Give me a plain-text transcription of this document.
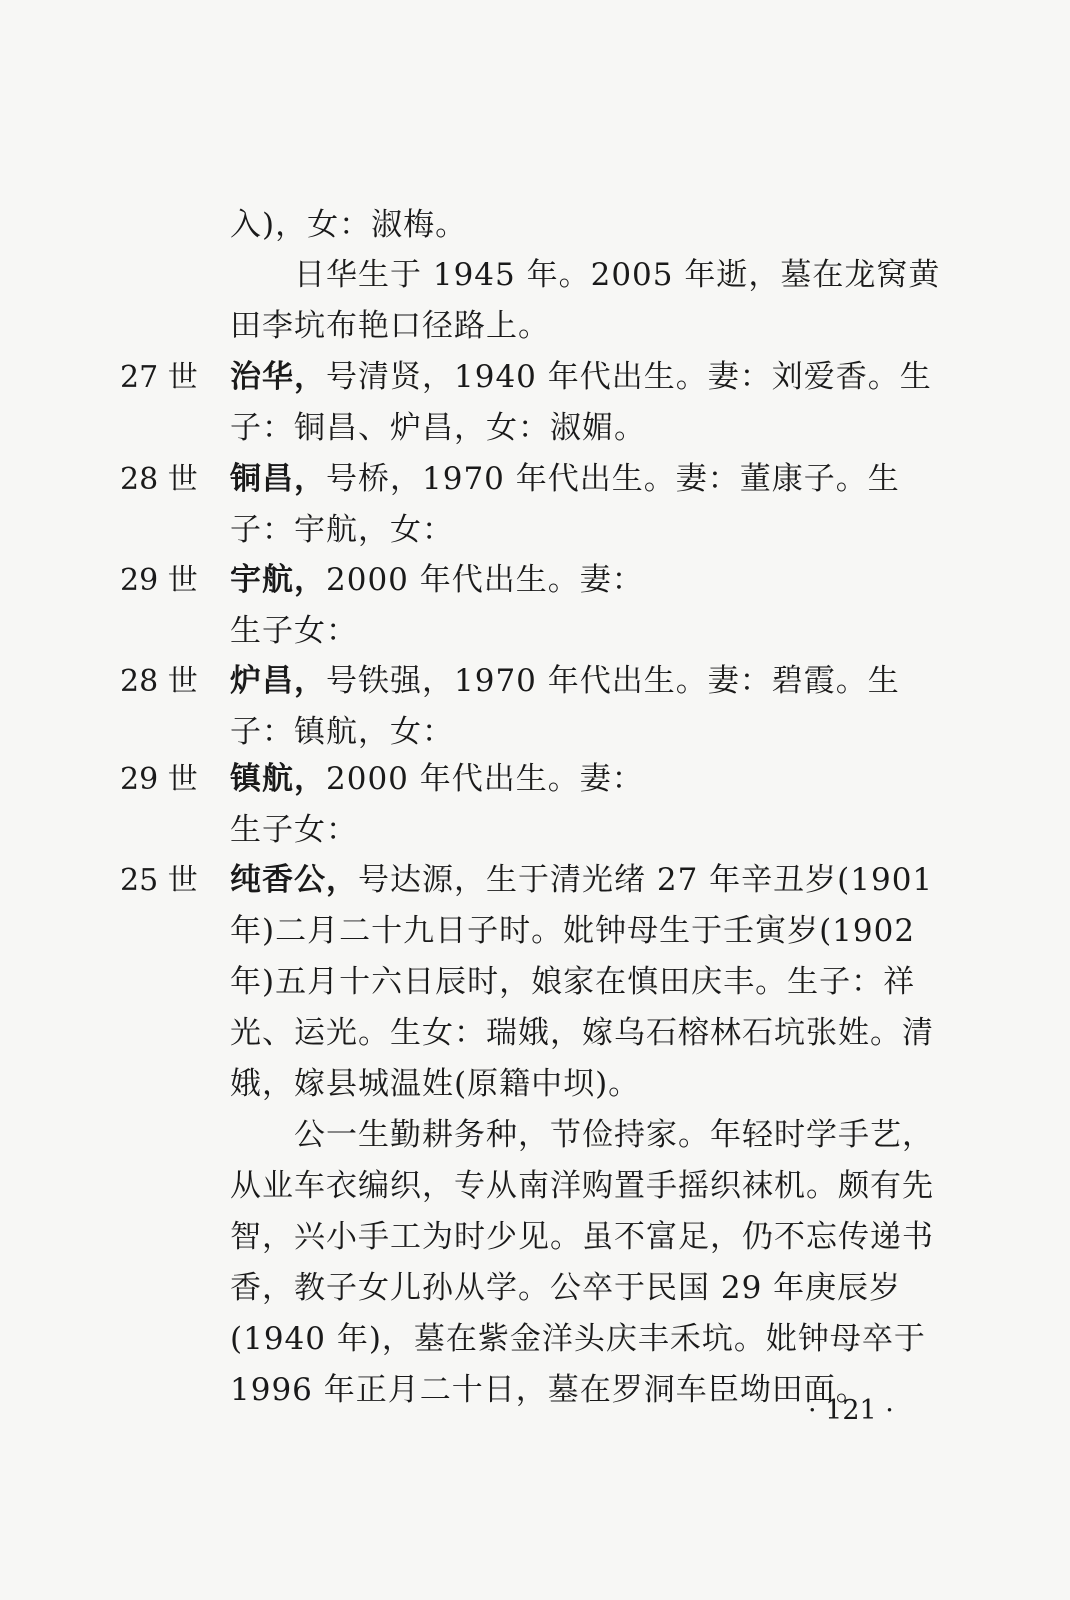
入)，女：淑梅。
日华生于 1945 年。2005 年逝，墓在龙窝黄田李坑布艳口径路上。
27 世	治华，号清贤，1940 年代出生。妻：刘爱香。生子：铜昌、炉昌，女：淑媚。
28 世	铜昌，号桥，1970 年代出生。妻：董康子。生子：宇航，女：
29 世	宇航，2000 年代出生。妻：
生子女：
28 世	炉昌，号铁强，1970 年代出生。妻：碧霞。生子：镇航，女：
29 世	镇航，2000 年代出生。妻：
生子女：
25 世	纯香公，号达源，生于清光绪 27 年辛丑岁(1901年)二月二十九日子时。妣钟母生于壬寅岁(1902年)五月十六日辰时，娘家在慎田庆丰。生子：祥光、运光。生女：瑞娥，嫁乌石榕林石坑张姓。清娥，嫁县城温姓(原籍中坝)。
公一生勤耕务种，节俭持家。年轻时学手艺，从业车衣编织，专从南洋购置手摇织袜机。颇有先智，兴小手工为时少见。虽不富足，仍不忘传递书香，教子女儿孙从学。公卒于民国 29 年庚辰岁(1940 年)，墓在紫金洋头庆丰禾坑。妣钟母卒于1996 年正月二十日，墓在罗洞车臣坳田面。
· 121 ·
